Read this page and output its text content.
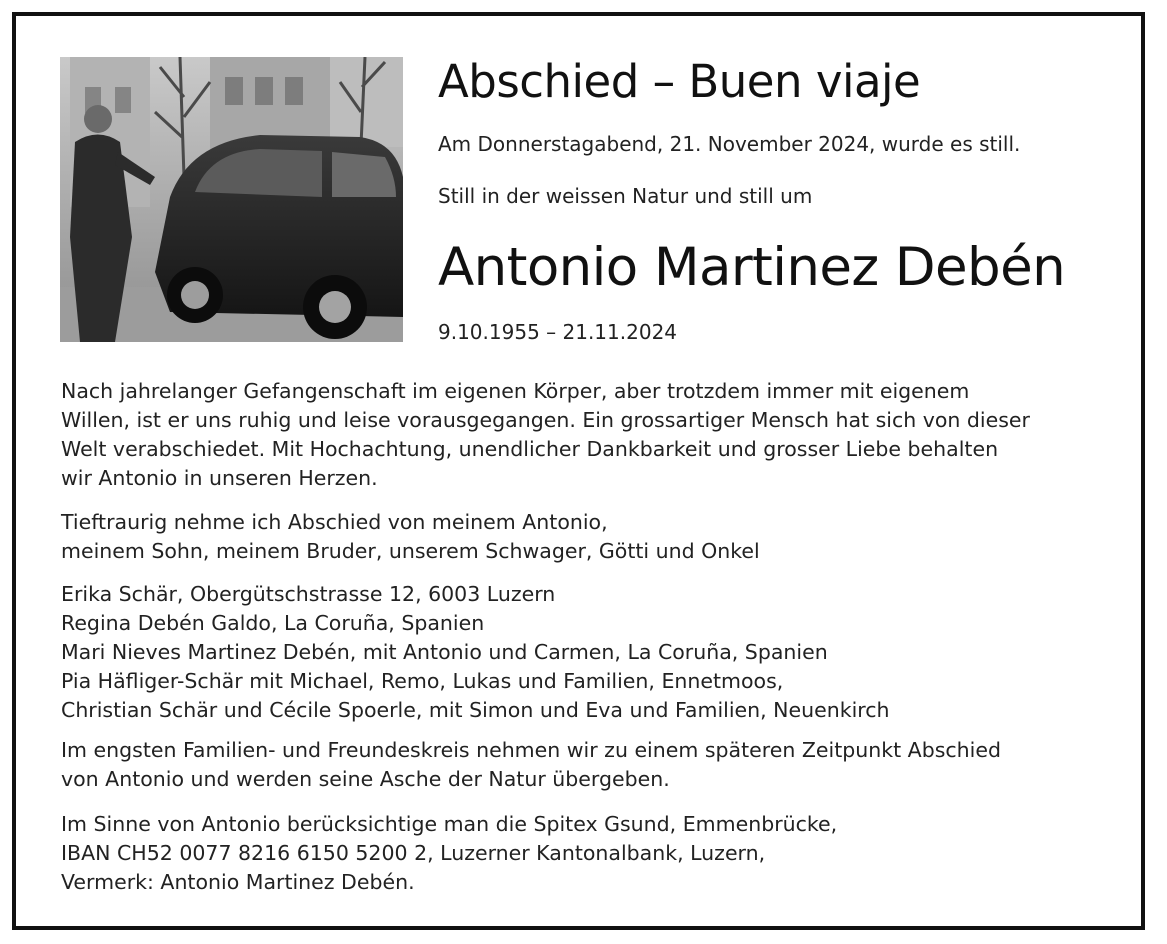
Abschied – Buen viaje

Am Donnerstagabend, 21. November 2024, wurde es still.

Still in der weissen Natur und still um

Antonio Martinez Debén

9.10.1955 – 21.11.2024

Nach jahrelanger Gefangenschaft im eigenen Körper, aber trotzdem immer mit eigenem

Willen, ist er uns ruhig und leise vorausgegangen. Ein grossartiger Mensch hat sich von dieser

Welt verabschiedet. Mit Hochachtung, unendlicher Dankbarkeit und grosser Liebe behalten

wir Antonio in unseren Herzen.

Tieftraurig nehme ich Abschied von meinem Antonio,

meinem Sohn, meinem Bruder, unserem Schwager, Götti und Onkel

Erika Schär, Obergütschstrasse 12, 6003 Luzern

Regina Debén Galdo, La Coruña, Spanien

Mari Nieves Martinez Debén, mit Antonio und Carmen, La Coruña, Spanien

Pia Häfliger-Schär mit Michael, Remo, Lukas und Familien, Ennetmoos,

Christian Schär und Cécile Spoerle, mit Simon und Eva und Familien, Neuenkirch

Im engsten Familien- und Freundeskreis nehmen wir zu einem späteren Zeitpunkt Abschied

von Antonio und werden seine Asche der Natur übergeben.

Im Sinne von Antonio berücksichtige man die Spitex Gsund, Emmenbrücke,

IBAN CH52 0077 8216 6150 5200 2, Luzerner Kantonalbank, Luzern,

Vermerk: Antonio Martinez Debén.
